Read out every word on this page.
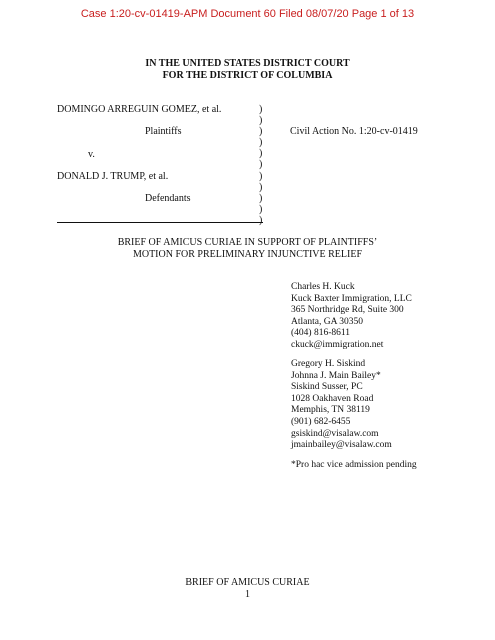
Case 1:20-cv-01419-APM Document 60 Filed 08/07/20 Page 1 of 13
IN THE UNITED STATES DISTRICT COURT
FOR THE DISTRICT OF COLUMBIA
DOMINGO ARREGUIN GOMEZ, et al.
Plaintiffs
v.
DONALD J. TRUMP, et al.
Defendants
Civil Action No. 1:20-cv-01419
)
)
)
)
)
)
)
)
)
)
)
BRIEF OF AMICUS CURIAE IN SUPPORT OF PLAINTIFFS’
MOTION FOR PRELIMINARY INJUNCTIVE RELIEF
Charles H. Kuck
Kuck Baxter Immigration, LLC
365 Northridge Rd, Suite 300
Atlanta, GA 30350
(404) 816-8611
ckuck@immigration.net
Gregory H. Siskind
Johnna J. Main Bailey*
Siskind Susser, PC
1028 Oakhaven Road
Memphis, TN 38119
(901) 682-6455
gsiskind@visalaw.com
jmainbailey@visalaw.com
*Pro hac vice admission pending
BRIEF OF AMICUS CURIAE
1
